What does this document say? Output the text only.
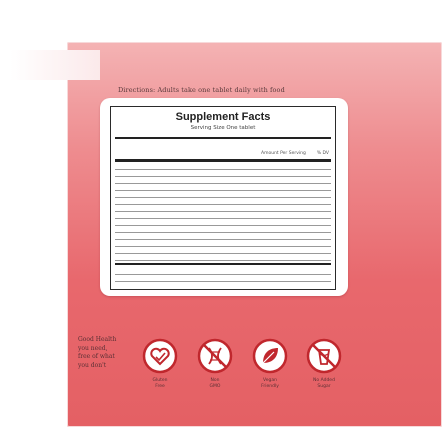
Directions: Adults take one tablet daily with food
Supplement Facts
Serving Size One tablet
Amount Per Serving % DV
Good Health
you need,
free of what
you don't
Gluten
Free
Non
GMO
Vegan
Friendly
No Added
Sugar
